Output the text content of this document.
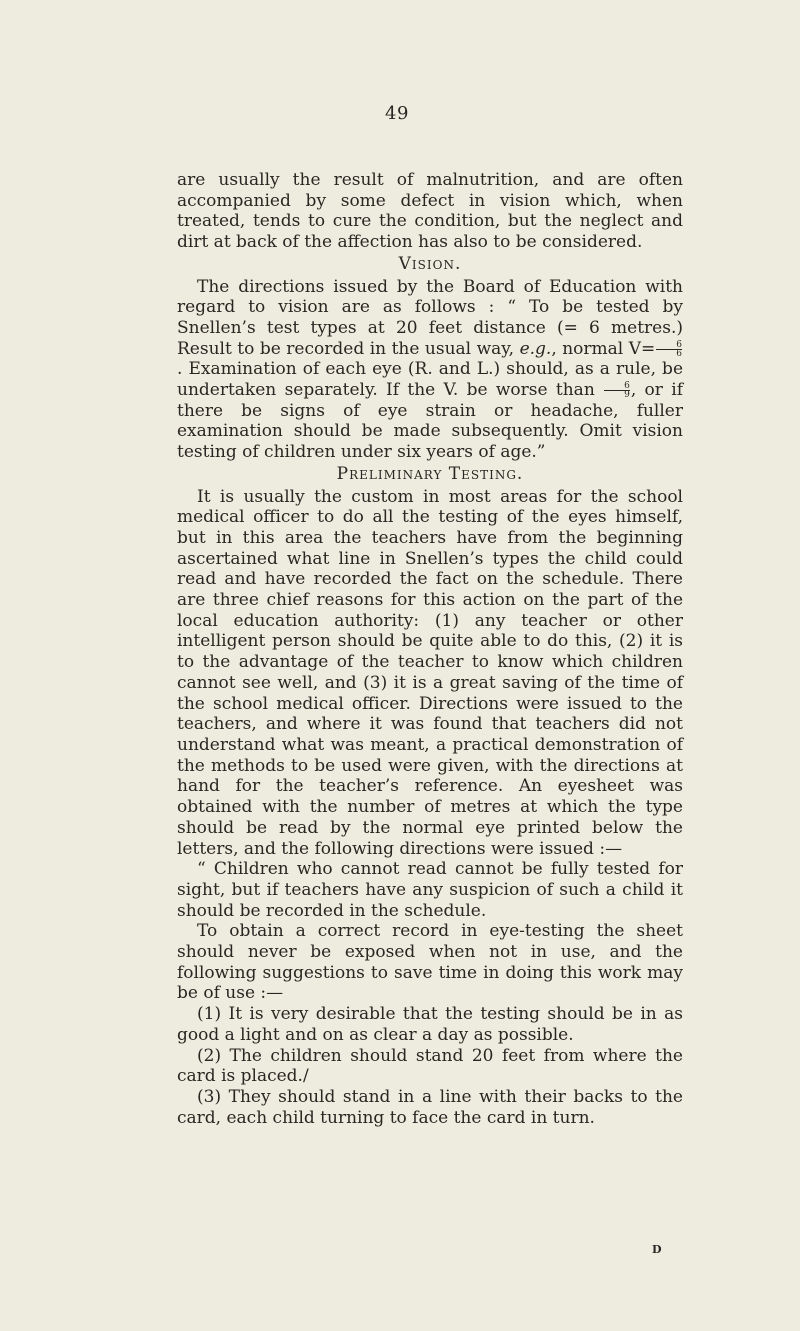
49

are usually the result of malnutrition, and are often accompanied by some defect in vision which, when treated, tends to cure the condition, but the neglect and dirt at back of the affection has also to be considered.

Vision.

The directions issued by the Board of Education with regard to vision are as follows : “ To be tested by Snellen’s test types at 20 feet distance (= 6 metres.) Result to be recorded in the usual way, e.g., normal $V= \frac{6}{6}$
. Examination of each eye (R. and L.) should, as a rule, be undertaken separately. If the V. be worse than $\frac{6}{9}$ , or if there be signs of eye strain or headache, fuller examination should be made subsequently. Omit vision testing of children under six years of age.”

Preliminary Testing.

It is usually the custom in most areas for the school medical officer to do all the testing of the eyes himself, but in this area the teachers have from the beginning ascertained what line in Snellen’s types the child could read and have recorded the fact on the schedule. There are three chief reasons for this action on the part of the local education authority: (1) any teacher or other intelligent person should be quite able to do this, (2) it is to the advantage of the teacher to know which children cannot see well, and (3) it is a great saving of the time of the school medical officer. Directions were issued to the teachers, and where it was found that teachers did not understand what was meant, a practical demonstration of the methods to be used were given, with the directions at hand for the teacher’s reference. An eyesheet was obtained with the number of metres at which the type should be read by the normal eye printed below the letters, and the following directions were issued :—

“ Children who cannot read cannot be fully tested for sight, but if teachers have any suspicion of such a child it should be recorded in the schedule.

To obtain a correct record in eye-testing the sheet should never be exposed when not in use, and the following suggestions to save time in doing this work may be of use :—

(1) It is very desirable that the testing should be in as good a light and on as clear a day as possible.

(2) The children should stand 20 feet from where the card is placed./

(3) They should stand in a line with their backs to the card, each child turning to face the card in turn.

D
